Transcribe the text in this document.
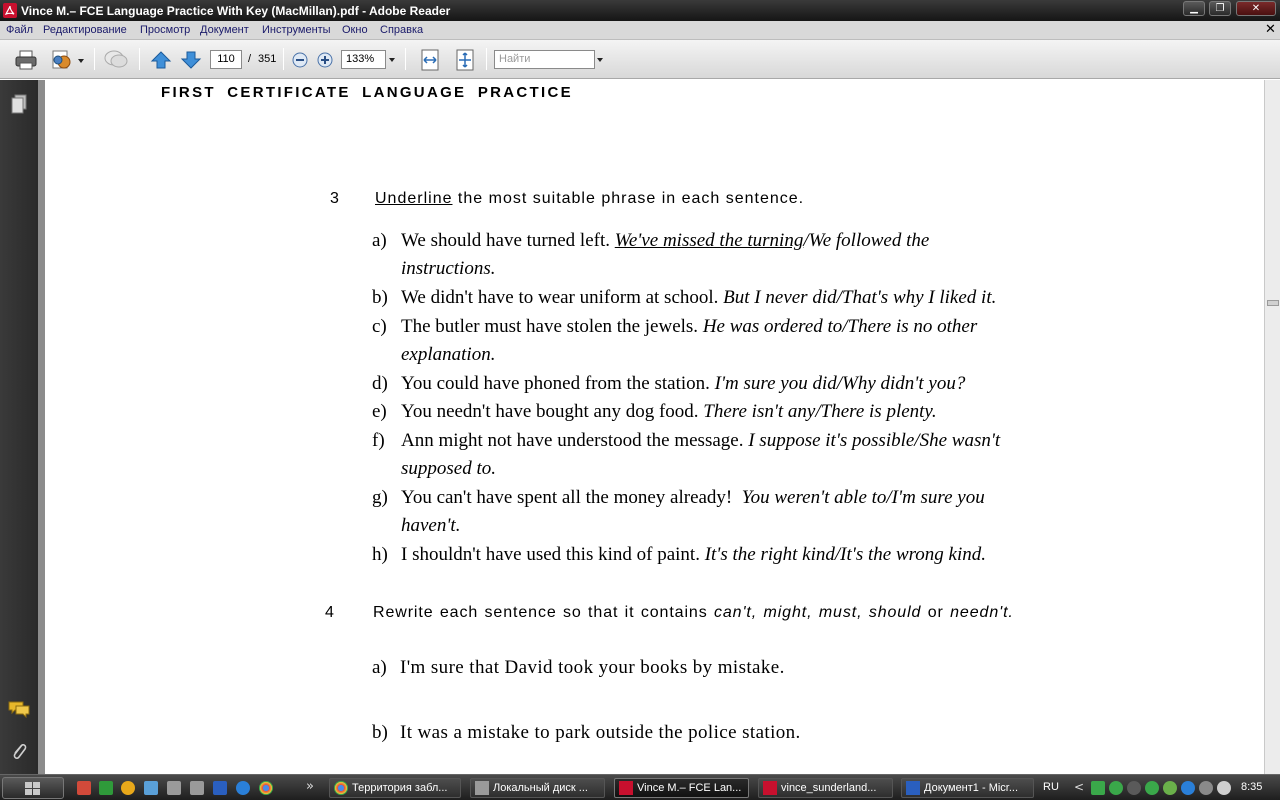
Vince M.– FCE Language Practice With Key (MacMillan).pdf - Adobe Reader	▁	❐	✕
Файл Редактирование Просмотр Документ Инструменты Окно Справка	✕
110	/ 351	133%	Найти
FIRST CERTIFICATE LANGUAGE PRACTICE
3 Underline the most suitable phrase in each sentence.
a) We should have turned left. We've missed the turning/We followed the
instructions.
b) We didn't have to wear uniform at school. But I never did/That's why I liked it.
c) The butler must have stolen the jewels. He was ordered to/There is no other
explanation.
d) You could have phoned from the station. I'm sure you did/Why didn't you?
e) You needn't have bought any dog food. There isn't any/There is plenty.
f) Ann might not have understood the message. I suppose it's possible/She wasn't
supposed to.
g) You can't have spent all the money already!  You weren't able to/I'm sure you
haven't.
h) I shouldn't have used this kind of paint. It's the right kind/It's the wrong kind.
4 Rewrite each sentence so that it contains can't, might, must, should or needn't.
a) I'm sure that David took your books by mistake.
b) It was a mistake to park outside the police station.
»	Территория забл...	Локальный диск ...	Vince M.– FCE Lan...	vince_sunderland...	Документ1 - Micr...	RU <	8:35
